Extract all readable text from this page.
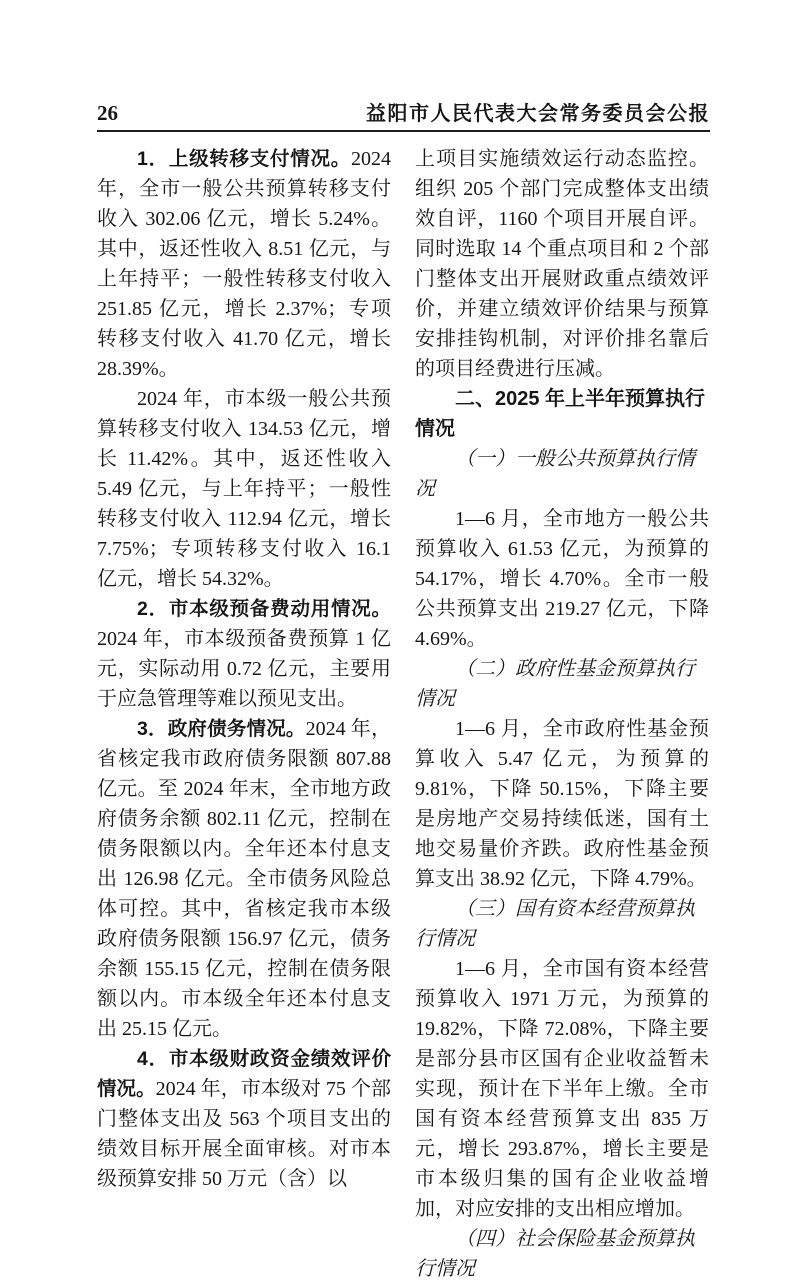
26	益阳市人民代表大会常务委员会公报

1．上级转移支付情况。2024 年，全市一般公共预算转移支付收入 302.06 亿元，增长 5.24%。其中，返还性收入 8.51 亿元，与上年持平；一般性转移支付收入 251.85 亿元，增长 2.37%；专项转移支付收入 41.70 亿元，增长 28.39%。

2024 年，市本级一般公共预算转移支付收入 134.53 亿元，增长 11.42%。其中，返还性收入 5.49 亿元，与上年持平；一般性转移支付收入 112.94 亿元，增长 7.75%；专项转移支付收入 16.1 亿元，增长 54.32%。

2．市本级预备费动用情况。2024 年，市本级预备费预算 1 亿元，实际动用 0.72 亿元，主要用于应急管理等难以预见支出。

3．政府债务情况。2024 年，省核定我市政府债务限额 807.88 亿元。至 2024 年末，全市地方政府债务余额 802.11 亿元，控制在债务限额以内。全年还本付息支出 126.98 亿元。全市债务风险总体可控。其中，省核定我市本级政府债务限额 156.97 亿元，债务余额 155.15 亿元，控制在债务限额以内。市本级全年还本付息支出 25.15 亿元。

4．市本级财政资金绩效评价情况。2024 年，市本级对 75 个部门整体支出及 563 个项目支出的绩效目标开展全面审核。对市本级预算安排 50 万元（含）以

上项目实施绩效运行动态监控。组织 205 个部门完成整体支出绩效自评，1160 个项目开展自评。同时选取 14 个重点项目和 2 个部门整体支出开展财政重点绩效评价，并建立绩效评价结果与预算安排挂钩机制，对评价排名靠后的项目经费进行压减。

二、2025 年上半年预算执行情况

（一）一般公共预算执行情况

1—6 月，全市地方一般公共预算收入 61.53 亿元，为预算的 54.17%，增长 4.70%。全市一般公共预算支出 219.27 亿元，下降 4.69%。

（二）政府性基金预算执行情况

1—6 月，全市政府性基金预算收入 5.47 亿元，为预算的 9.81%，下降 50.15%，下降主要是房地产交易持续低迷，国有土地交易量价齐跌。政府性基金预算支出 38.92 亿元，下降 4.79%。

（三）国有资本经营预算执行情况

1—6 月，全市国有资本经营预算收入 1971 万元，为预算的 19.82%，下降 72.08%，下降主要是部分县市区国有企业收益暂未实现，预计在下半年上缴。全市国有资本经营预算支出 835 万元，增长 293.87%，增长主要是市本级归集的国有企业收益增加，对应安排的支出相应增加。

（四）社会保险基金预算执行情况
